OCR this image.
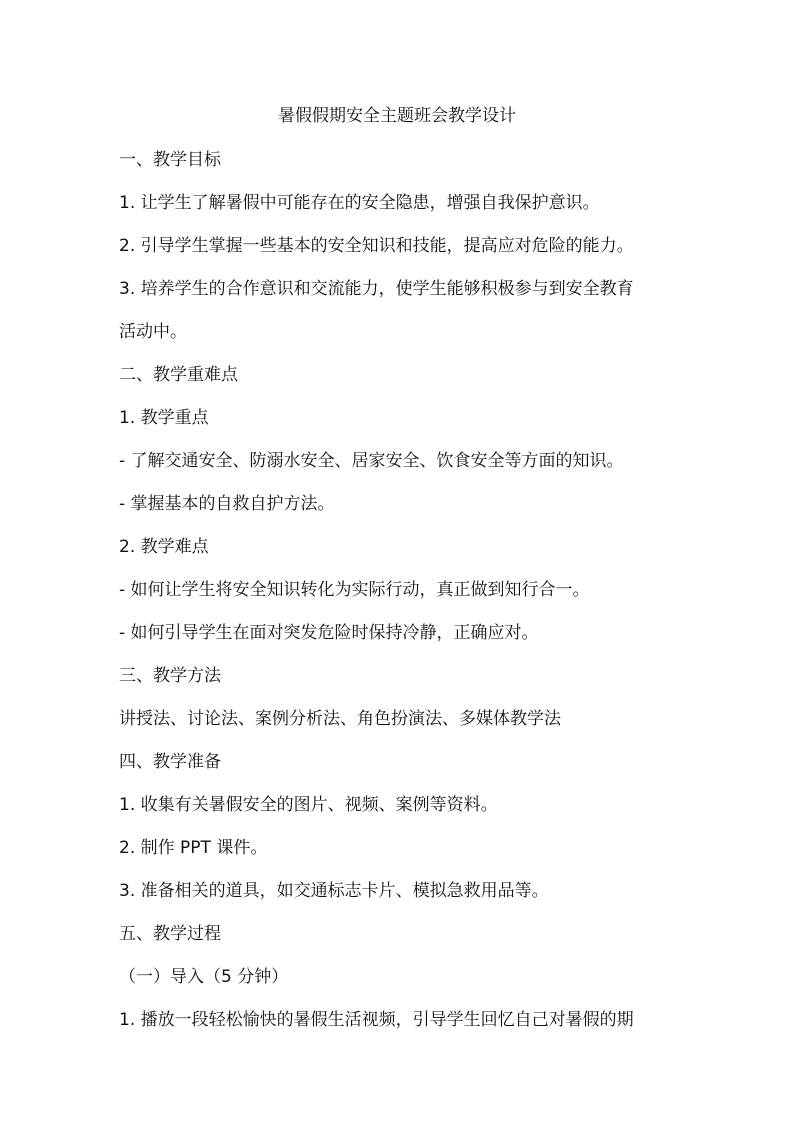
暑假假期安全主题班会教学设计
一、教学目标
1. 让学生了解暑假中可能存在的安全隐患，增强自我保护意识。
2. 引导学生掌握一些基本的安全知识和技能，提高应对危险的能力。
3. 培养学生的合作意识和交流能力，使学生能够积极参与到安全教育
活动中。
二、教学重难点
1. 教学重点
- 了解交通安全、防溺水安全、居家安全、饮食安全等方面的知识。
- 掌握基本的自救自护方法。
2. 教学难点
- 如何让学生将安全知识转化为实际行动，真正做到知行合一。
- 如何引导学生在面对突发危险时保持冷静，正确应对。
三、教学方法
讲授法、讨论法、案例分析法、角色扮演法、多媒体教学法
四、教学准备
1. 收集有关暑假安全的图片、视频、案例等资料。
2. 制作 PPT 课件。
3. 准备相关的道具，如交通标志卡片、模拟急救用品等。
五、教学过程
（一）导入（5 分钟）
1. 播放一段轻松愉快的暑假生活视频，引导学生回忆自己对暑假的期
